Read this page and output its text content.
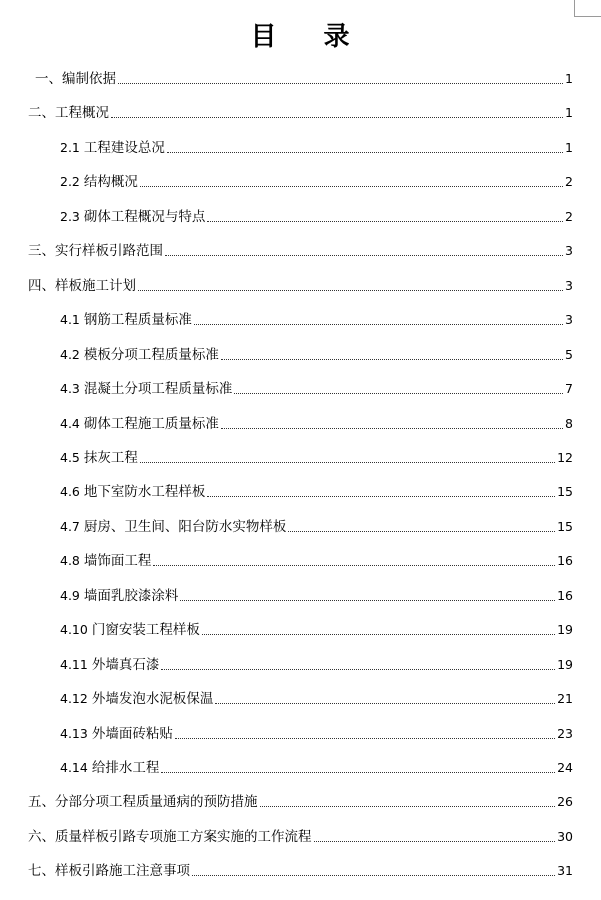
目 录
一、编制依据	1
二、工程概况	1
2.1 工程建设总况	1
2.2 结构概况	2
2.3 砌体工程概况与特点	2
三、实行样板引路范围	3
四、样板施工计划	3
4.1 钢筋工程质量标准	3
4.2 模板分项工程质量标准	5
4.3 混凝土分项工程质量标准	7
4.4 砌体工程施工质量标准	8
4.5 抹灰工程	12
4.6 地下室防水工程样板	15
4.7 厨房、卫生间、阳台防水实物样板	15
4.8 墙饰面工程	16
4.9 墙面乳胶漆涂料	16
4.10 门窗安装工程样板	19
4.11 外墙真石漆	19
4.12 外墙发泡水泥板保温	21
4.13 外墙面砖粘贴	23
4.14 给排水工程	24
五、分部分项工程质量通病的预防措施	26
六、质量样板引路专项施工方案实施的工作流程	30
七、样板引路施工注意事项	31
